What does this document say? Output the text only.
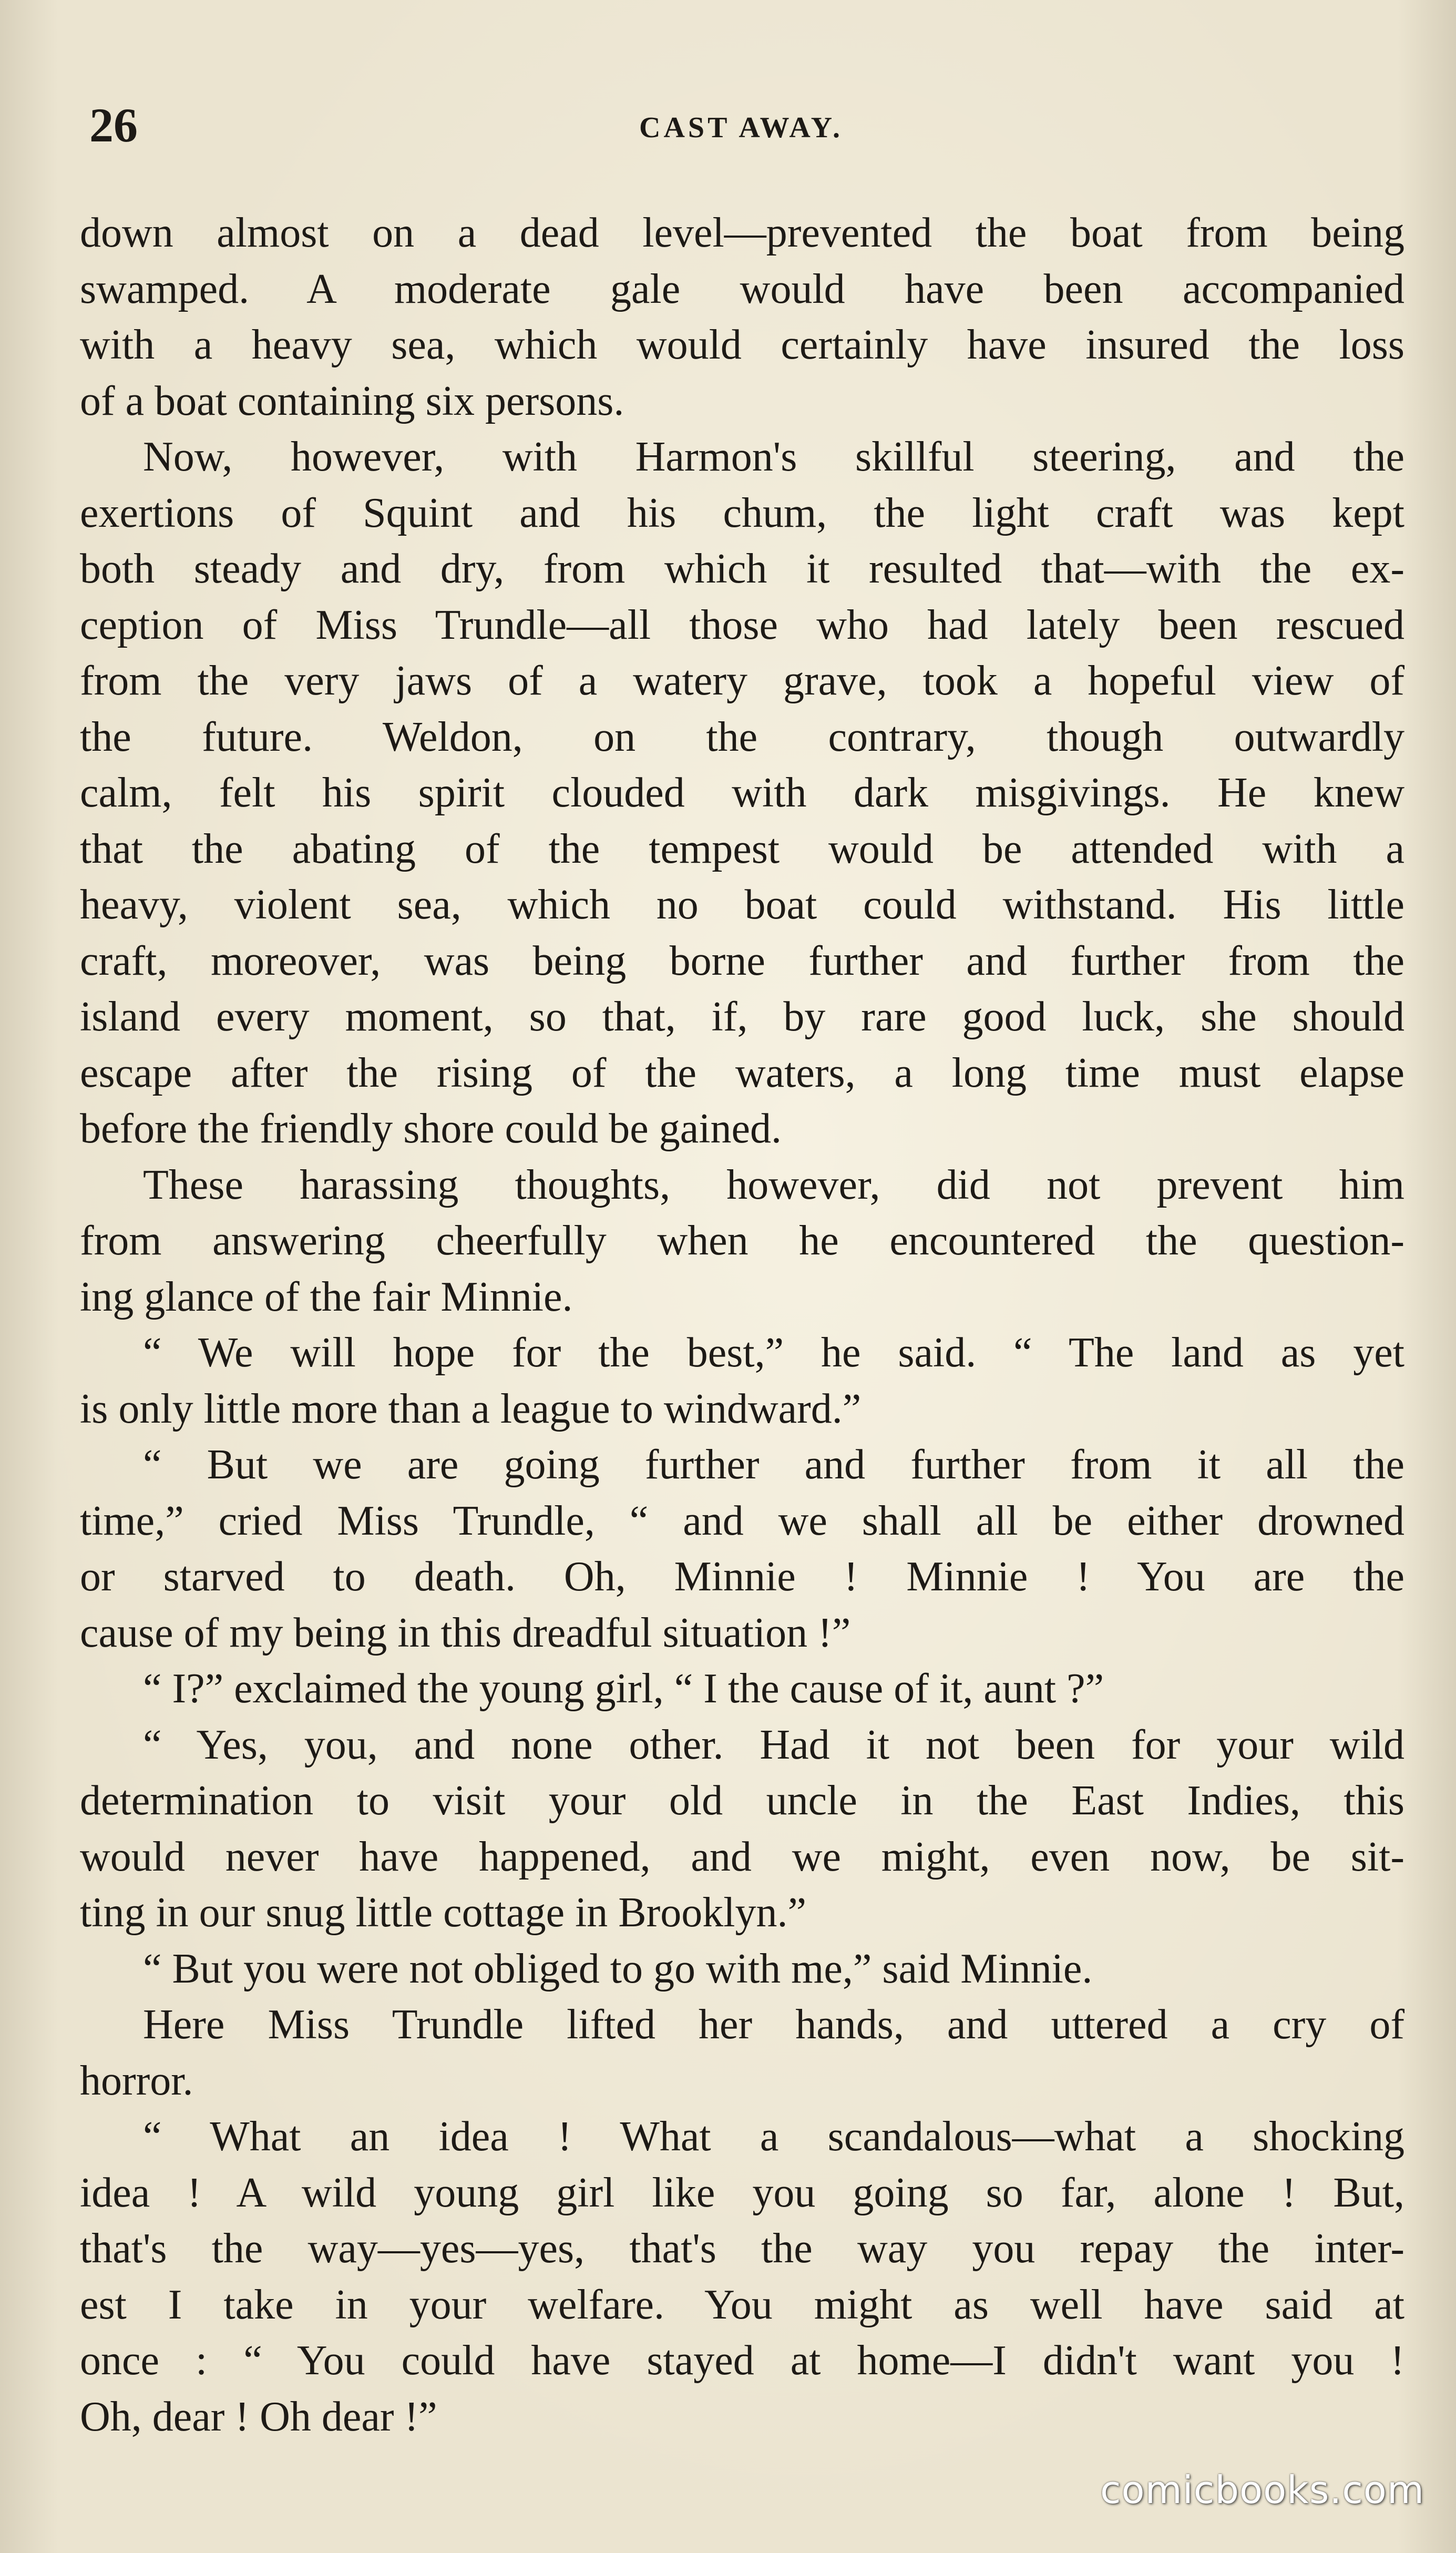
26	CAST AWAY.
down almost on a dead level—prevented the boat from being
swamped. A moderate gale would have been accompanied
with a heavy sea, which would certainly have insured the loss
of a boat containing six persons.
Now, however, with Harmon's skillful steering, and the
exertions of Squint and his chum, the light craft was kept
both steady and dry, from which it resulted that—with the ex-
ception of Miss Trundle—all those who had lately been rescued
from the very jaws of a watery grave, took a hopeful view of
the future. Weldon, on the contrary, though outwardly
calm, felt his spirit clouded with dark misgivings. He knew
that the abating of the tempest would be attended with a
heavy, violent sea, which no boat could withstand. His little
craft, moreover, was being borne further and further from the
island every moment, so that, if, by rare good luck, she should
escape after the rising of the waters, a long time must elapse
before the friendly shore could be gained.
These harassing thoughts, however, did not prevent him
from answering cheerfully when he encountered the question-
ing glance of the fair Minnie.
“ We will hope for the best,” he said. “ The land as yet
is only little more than a league to windward.”
“ But we are going further and further from it all the
time,” cried Miss Trundle, “ and we shall all be either drowned
or starved to death. Oh, Minnie ! Minnie ! You are the
cause of my being in this dreadful situation !”
“ I?” exclaimed the young girl, “ I the cause of it, aunt ?”
“ Yes, you, and none other. Had it not been for your wild
determination to visit your old uncle in the East Indies, this
would never have happened, and we might, even now, be sit-
ting in our snug little cottage in Brooklyn.”
“ But you were not obliged to go with me,” said Minnie.
Here Miss Trundle lifted her hands, and uttered a cry of
horror.
“ What an idea ! What a scandalous—what a shocking
idea ! A wild young girl like you going so far, alone ! But,
that's the way—yes—yes, that's the way you repay the inter-
est I take in your welfare. You might as well have said at
once : “ You could have stayed at home—I didn't want you !
Oh, dear ! Oh dear !”
comicbooks.com
